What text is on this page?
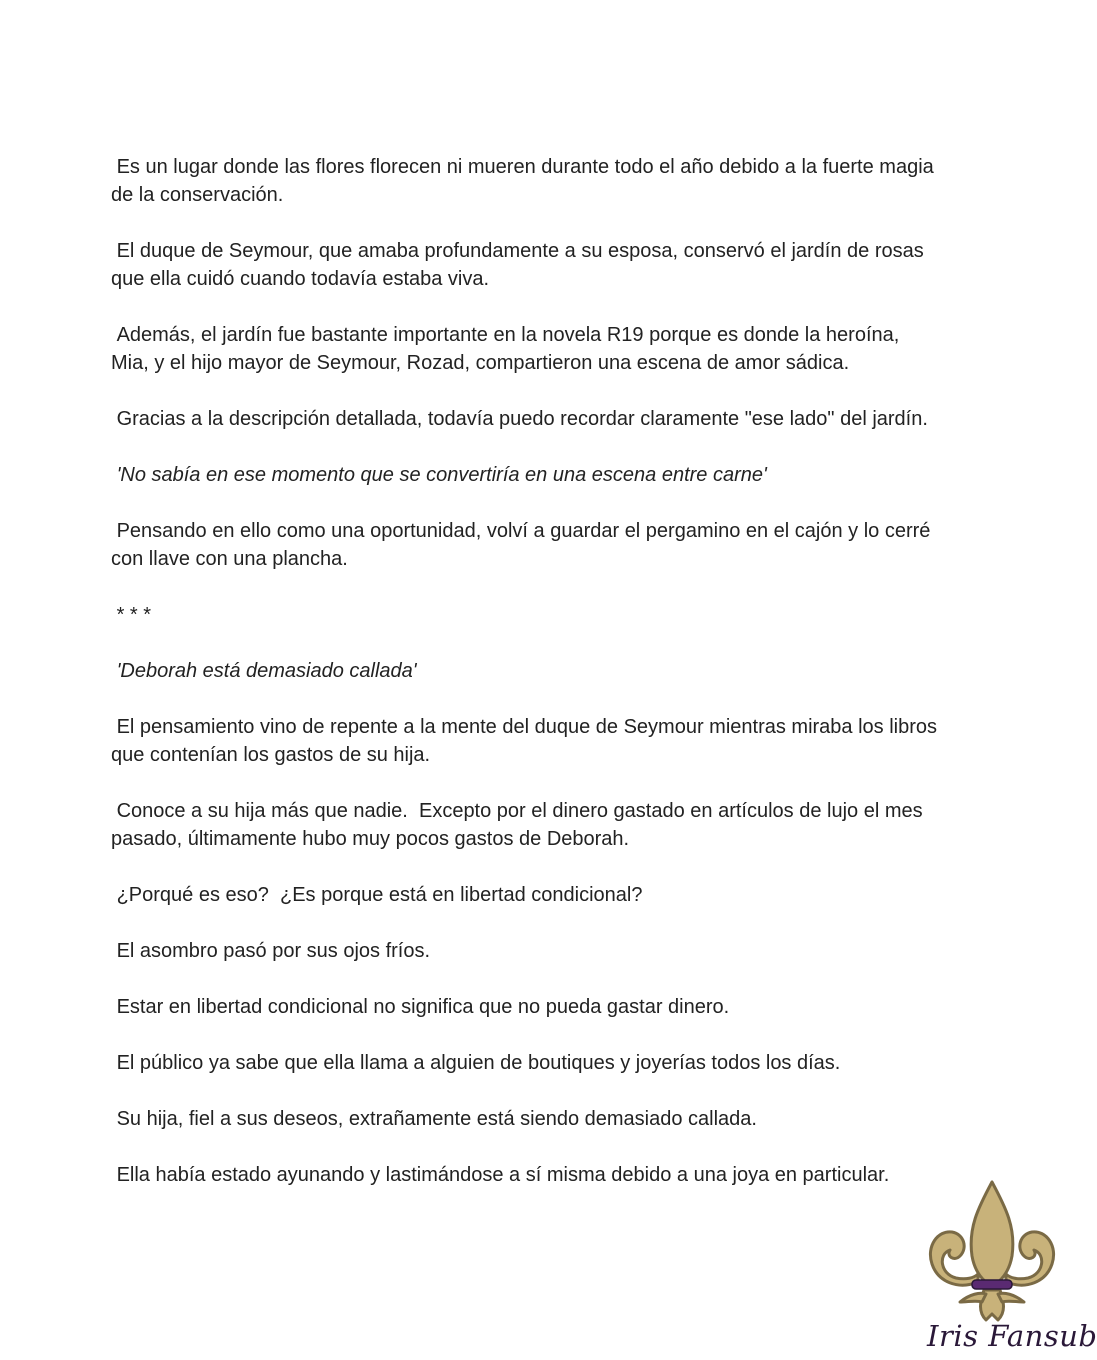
Es un lugar donde las flores florecen ni mueren durante todo el año debido a la fuerte magia de la conservación.

El duque de Seymour, que amaba profundamente a su esposa, conservó el jardín de rosas que ella cuidó cuando todavía estaba viva.

Además, el jardín fue bastante importante en la novela R19 porque es donde la heroína, Mia, y el hijo mayor de Seymour, Rozad, compartieron una escena de amor sádica.

Gracias a la descripción detallada, todavía puedo recordar claramente "ese lado" del jardín.

'No sabía en ese momento que se convertiría en una escena entre carne'

Pensando en ello como una oportunidad, volví a guardar el pergamino en el cajón y lo cerré con llave con una plancha.

* * *

'Deborah está demasiado callada'

El pensamiento vino de repente a la mente del duque de Seymour mientras miraba los libros que contenían los gastos de su hija.

Conoce a su hija más que nadie.  Excepto por el dinero gastado en artículos de lujo el mes pasado, últimamente hubo muy pocos gastos de Deborah.

¿Porqué es eso?  ¿Es porque está en libertad condicional?

El asombro pasó por sus ojos fríos.

Estar en libertad condicional no significa que no pueda gastar dinero.

El público ya sabe que ella llama a alguien de boutiques y joyerías todos los días.

Su hija, fiel a sus deseos, extrañamente está siendo demasiado callada.

Ella había estado ayunando y lastimándose a sí misma debido a una joya en particular.

Iris Fansub
